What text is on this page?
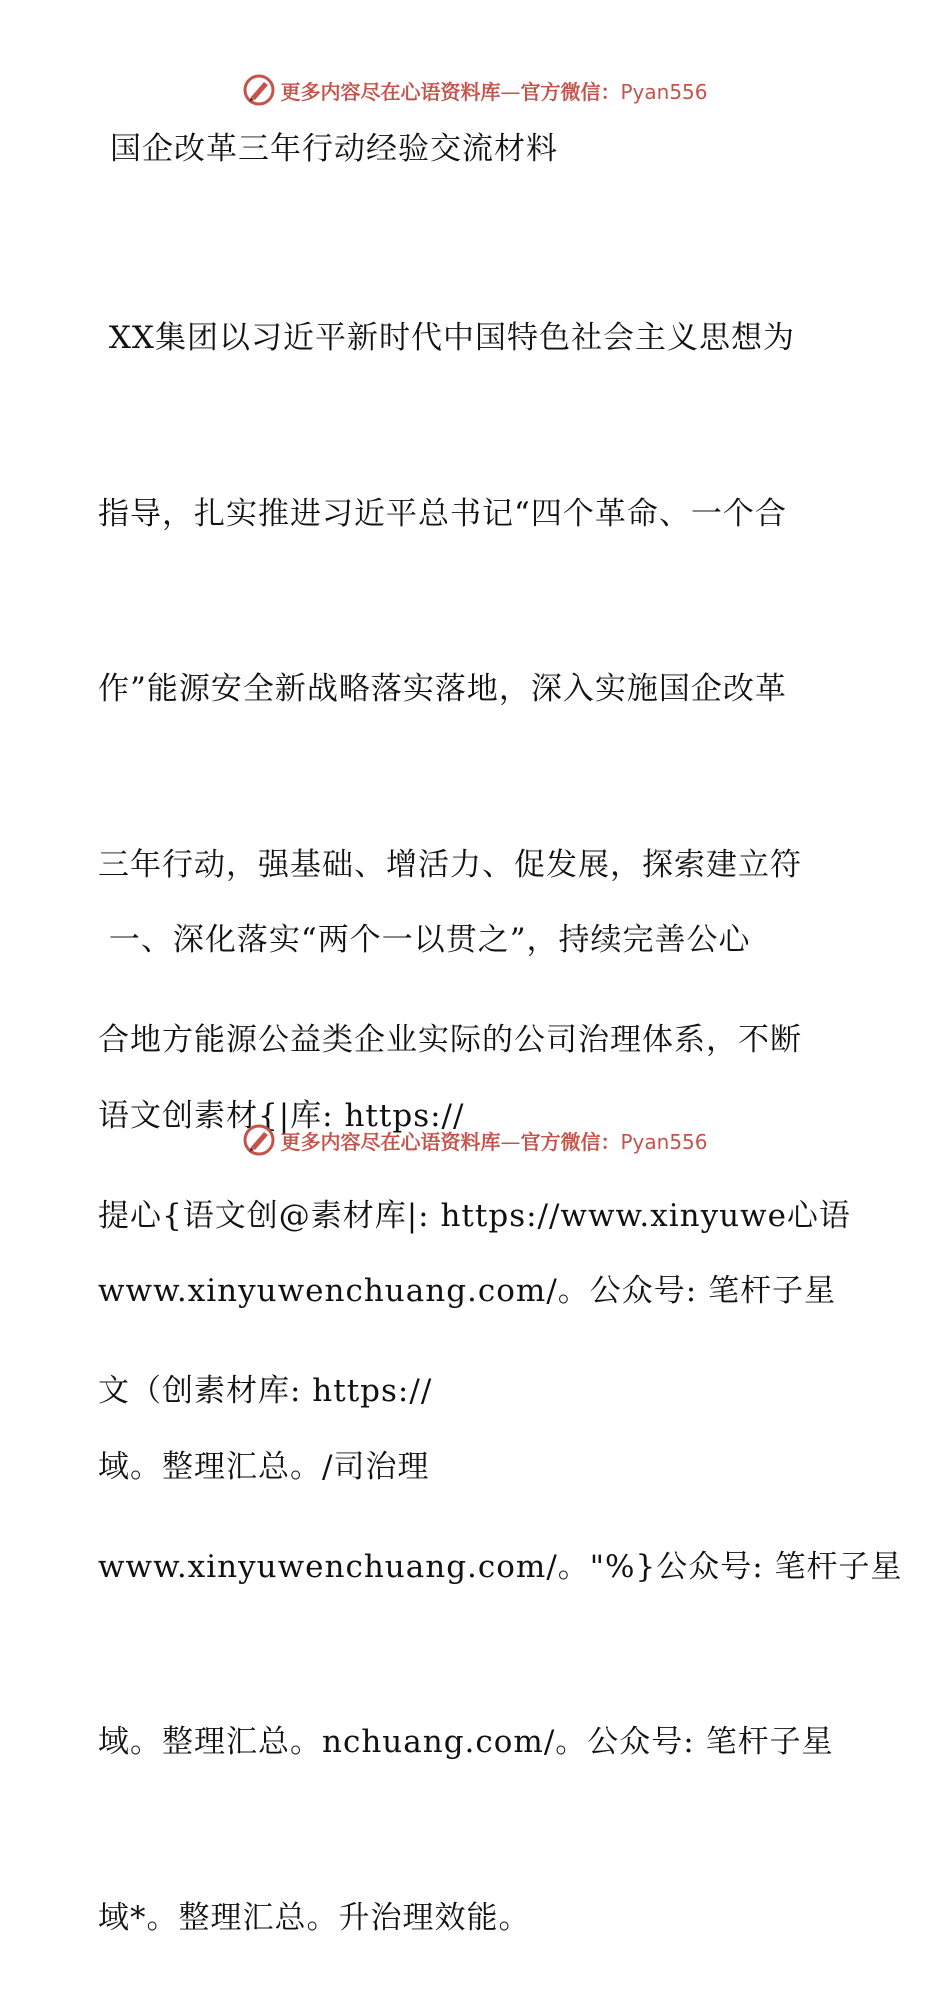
更多内容尽在心语资料库—官方微信：Pyan556
国企改革三年行动经验交流材料

XX集团以习近平新时代中国特色社会主义思想为

指导，扎实推进习近平总书记“四个革命、一个合

作”能源安全新战略落实落地，深入实施国企改革

三年行动，强基础、增活力、促发展，探索建立符

合地方能源公益类企业实际的公司治理体系，不断

提心{语文创@素材库|: https://www.xinyuwe心语

文（创素材库: https://

www.xinyuwenchuang.com/。"%}公众号: 笔杆子星

域。整理汇总。nchuang.com/。公众号: 笔杆子星

域*。整理汇总。升治理效能。

一、深化落实“两个一以贯之”，持续完善公心

语文创素材{|库: https://

www.xinyuwenchuang.com/。公众号: 笔杆子星

域。整理汇总。/司治理

更多内容尽在心语资料库—官方微信：Pyan556
